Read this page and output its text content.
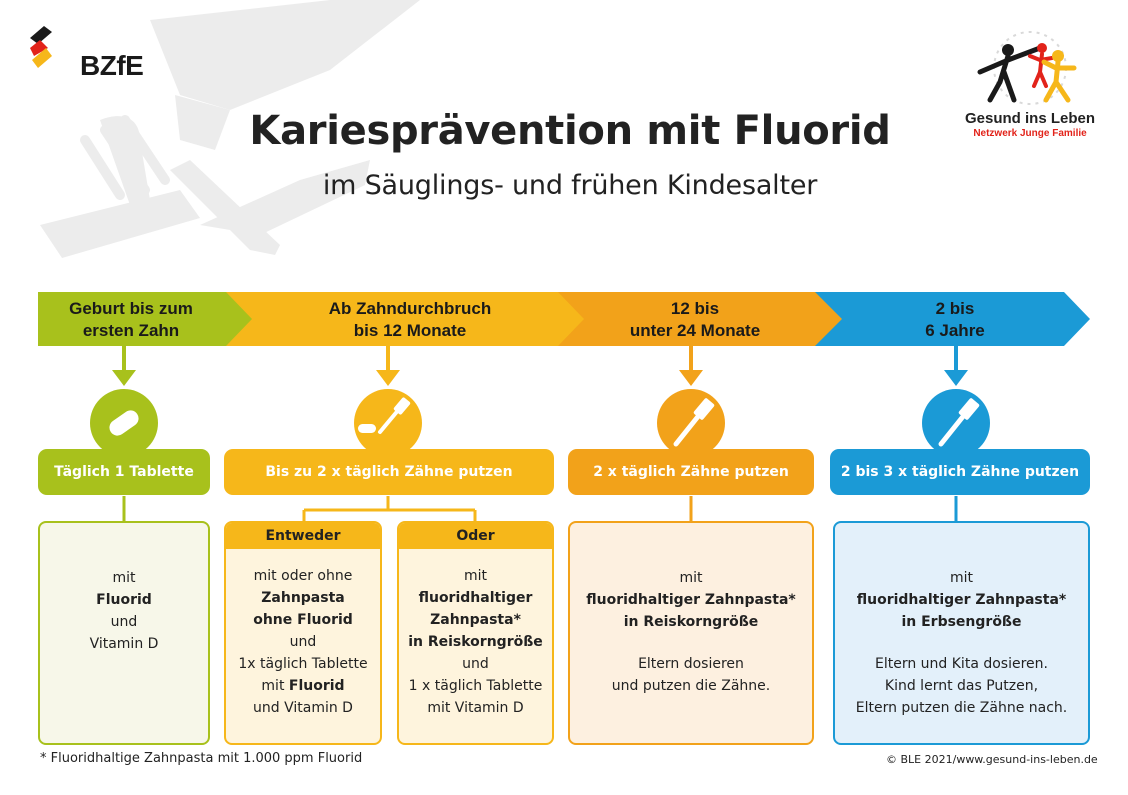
BZfE
Kariesprävention mit Fluorid
im Säuglings- und frühen Kindesalter
Gesund ins Leben
Netzwerk Junge Familie
Geburt bis zum
ersten Zahn
Ab Zahndurchbruch
bis 12 Monate
12 bis
unter 24 Monate
2 bis
6 Jahre
Täglich 1 Tablette	Bis zu 2 x täglich Zähne putzen	2 x täglich Zähne putzen	2 bis 3 x täglich Zähne putzen
mit
Fluorid
und
Vitamin D
Entweder
mit oder ohne
Zahnpasta
ohne Fluorid
und
1x täglich Tablette
mit Fluorid
und Vitamin D
Oder
mit
fluoridhaltiger
Zahnpasta*
in Reiskorngröße
und
1 x täglich Tablette
mit Vitamin D
mit
fluoridhaltiger Zahnpasta*
in Reiskorngröße
Eltern dosieren
und putzen die Zähne.
mit
fluoridhaltiger Zahnpasta*
in Erbsengröße
Eltern und Kita dosieren.
Kind lernt das Putzen,
Eltern putzen die Zähne nach.
* Fluoridhaltige Zahnpasta mit 1.000 ppm Fluorid	© BLE 2021/www.gesund-ins-leben.de
